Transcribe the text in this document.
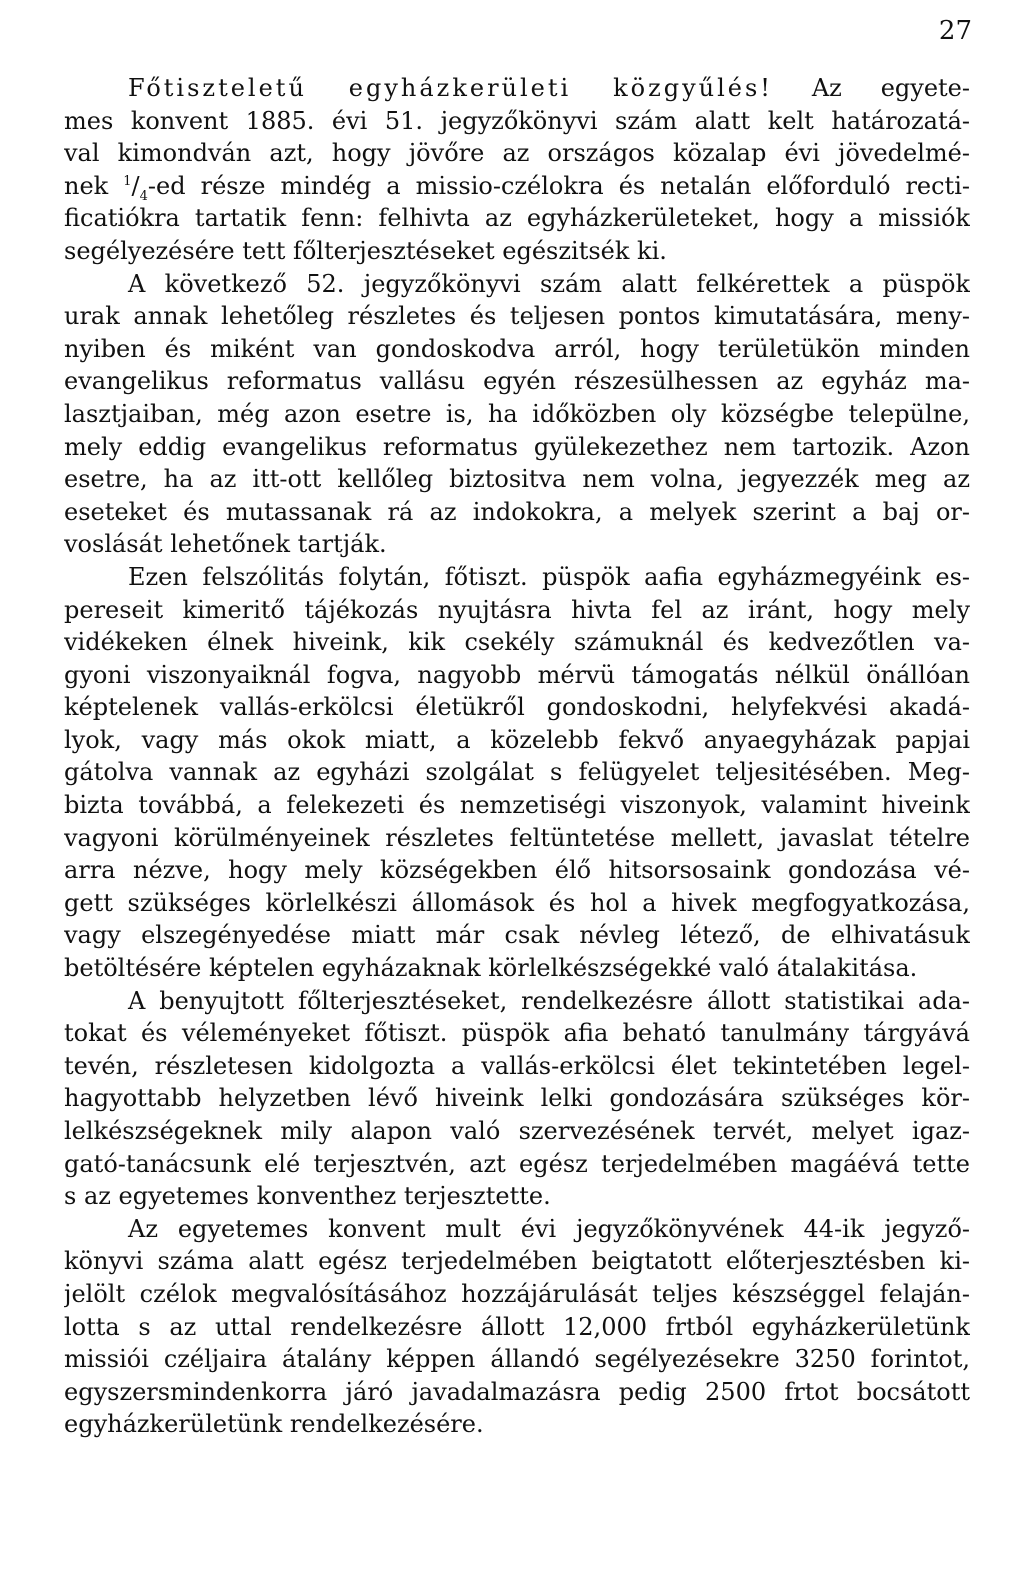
27
Főtiszteletű egyházkerületi közgyűlés! Az egyete-
mes konvent 1885. évi 51. jegyzőkönyvi szám alatt kelt határozatá-
val kimondván azt, hogy jövőre az országos közalap évi jövedelmé-
nek $^1/_4-ed$ része mindég a missio-czélokra és netalán előforduló recti-
ficatiókra tartatik fenn: felhivta az egyházkerületeket, hogy a missiók
segélyezésére tett főlterjesztéseket egészitsék ki.
A következő 52. jegyzőkönyvi szám alatt felkérettek a püspök
urak annak lehetőleg részletes és teljesen pontos kimutatására, meny-
nyiben és miként van gondoskodva arról, hogy területükön minden
evangelikus reformatus vallásu egyén részesülhessen az egyház ma-
lasztjaiban, még azon esetre is, ha időközben oly községbe települne,
mely eddig evangelikus reformatus gyülekezethez nem tartozik. Azon
esetre, ha az itt-ott kellőleg biztositva nem volna, jegyezzék meg az
eseteket és mutassanak rá az indokokra, a melyek szerint a baj or-
voslását lehetőnek tartják.
Ezen felszólitás folytán, főtiszt. püspök aafia egyházmegyéink es-
pereseit kimeritő tájékozás nyujtásra hivta fel az iránt, hogy mely
vidékeken élnek hiveink, kik csekély számuknál és kedvezőtlen va-
gyoni viszonyaiknál fogva, nagyobb mérvü támogatás nélkül önállóan
képtelenek vallás-erkölcsi életükről gondoskodni, helyfekvési akadá-
lyok, vagy más okok miatt, a közelebb fekvő anyaegyházak papjai
gátolva vannak az egyházi szolgálat s felügyelet teljesitésében. Meg-
bizta továbbá, a felekezeti és nemzetiségi viszonyok, valamint hiveink
vagyoni körülményeinek részletes feltüntetése mellett, javaslat tételre
arra nézve, hogy mely községekben élő hitsorsosaink gondozása vé-
gett szükséges körlelkészi állomások és hol a hivek megfogyatkozása,
vagy elszegényedése miatt már csak névleg létező, de elhivatásuk
betöltésére képtelen egyházaknak körlelkészségekké való átalakitása.
A benyujtott főlterjesztéseket, rendelkezésre állott statistikai ada-
tokat és véleményeket főtiszt. püspök afia beható tanulmány tárgyává
tevén, részletesen kidolgozta a vallás-erkölcsi élet tekintetében legel-
hagyottabb helyzetben lévő hiveink lelki gondozására szükséges kör-
lelkészségeknek mily alapon való szervezésének tervét, melyet igaz-
gató-tanácsunk elé terjesztvén, azt egész terjedelmében magáévá tette
s az egyetemes konventhez terjesztette.
Az egyetemes konvent mult évi jegyzőkönyvének 44-ik jegyző-
könyvi száma alatt egész terjedelmében beigtatott előterjesztésben ki-
jelölt czélok megvalósításához hozzájárulását teljes készséggel felaján-
lotta s az uttal rendelkezésre állott 12,000 frtból egyházkerületünk
missiói czéljaira átalány képpen állandó segélyezésekre 3250 forintot,
egyszersmindenkorra járó javadalmazásra pedig 2500 frtot bocsátott
egyházkerületünk rendelkezésére.
